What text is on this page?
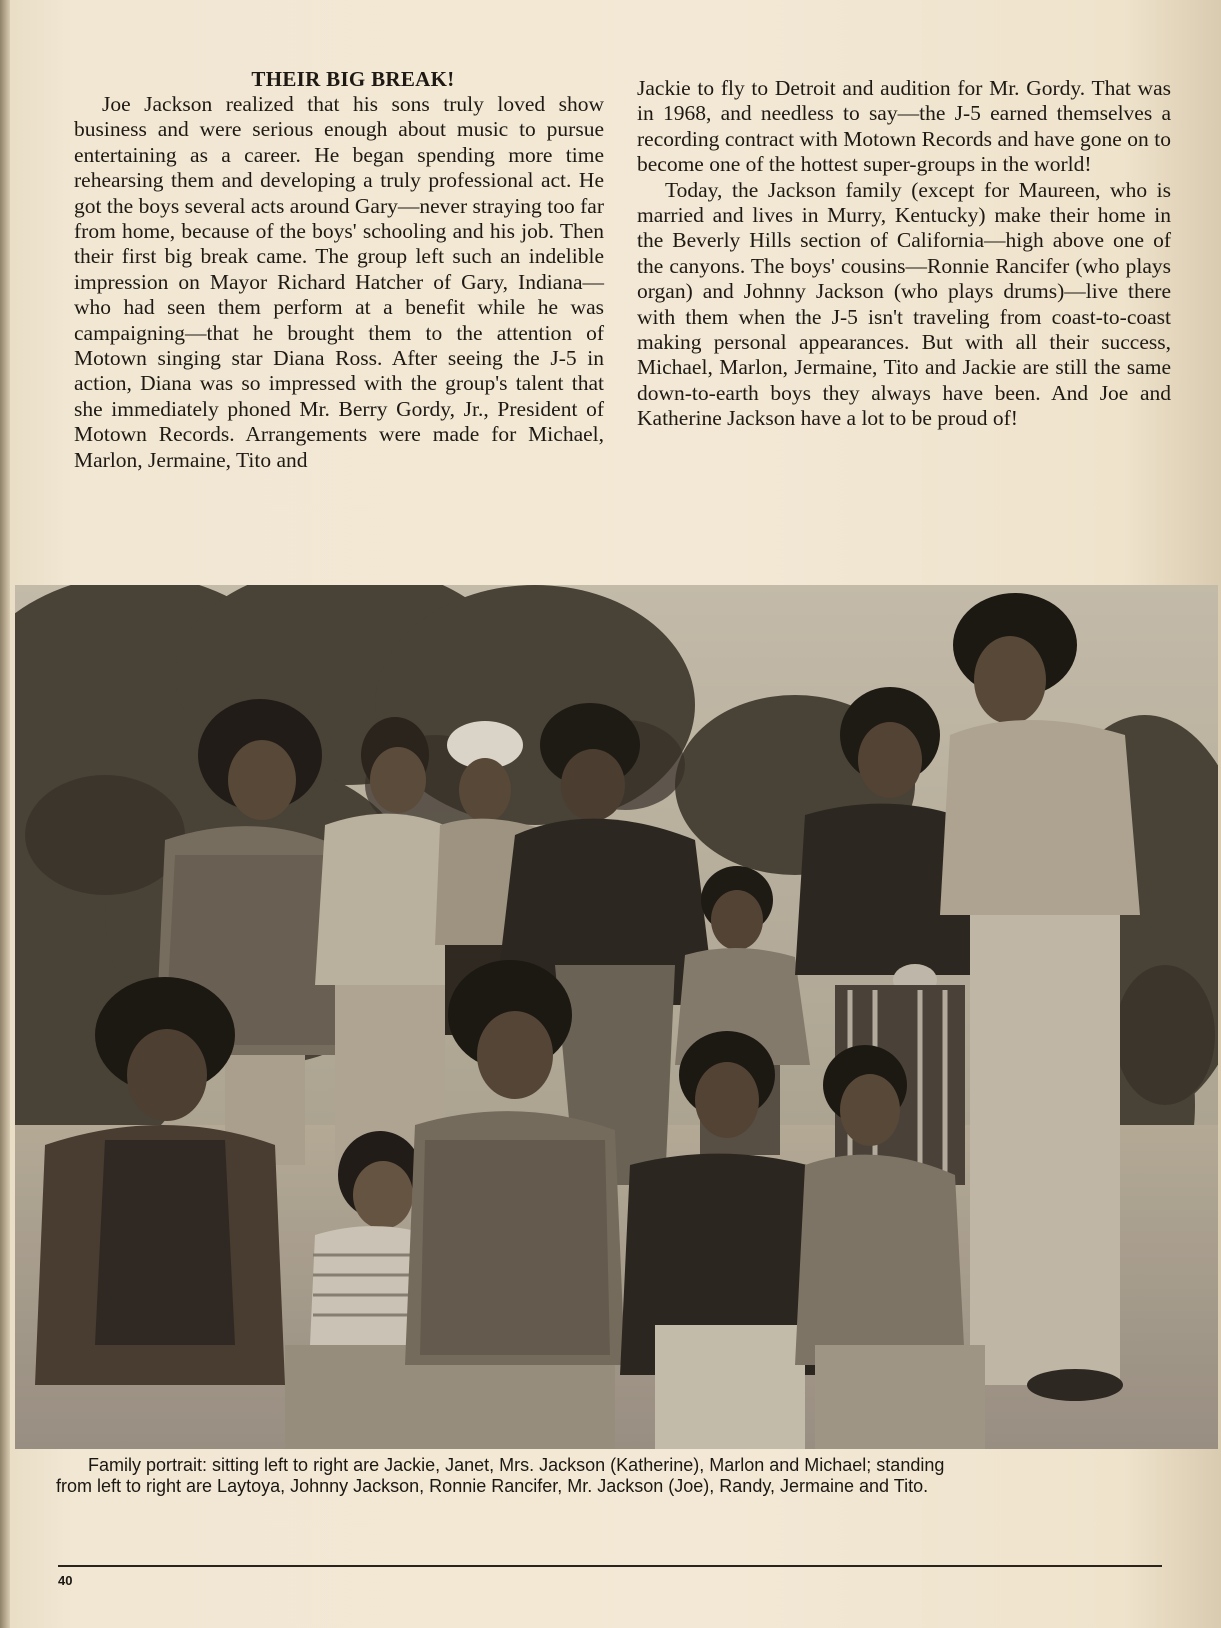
THEIR BIG BREAK!

Joe Jackson realized that his sons truly loved show business and were serious enough about music to pursue entertaining as a career. He began spending more time rehearsing them and developing a truly professional act. He got the boys several acts around Gary—never straying too far from home, because of the boys' schooling and his job. Then their first big break came. The group left such an indelible impression on Mayor Richard Hatcher of Gary, Indiana—who had seen them perform at a benefit while he was campaigning—that he brought them to the attention of Motown singing star Diana Ross. After seeing the J-5 in action, Diana was so impressed with the group's talent that she immediately phoned Mr. Berry Gordy, Jr., President of Motown Records. Arrangements were made for Michael, Marlon, Jermaine, Tito and

Jackie to fly to Detroit and audition for Mr. Gordy. That was in 1968, and needless to say—the J-5 earned themselves a recording contract with Motown Records and have gone on to become one of the hottest super-groups in the world!

Today, the Jackson family (except for Maureen, who is married and lives in Murry, Kentucky) make their home in the Beverly Hills section of California—high above one of the canyons. The boys' cousins—Ronnie Rancifer (who plays organ) and Johnny Jackson (who plays drums)—live there with them when the J-5 isn't traveling from coast-to-coast making personal appearances. But with all their success, Michael, Marlon, Jermaine, Tito and Jackie are still the same down-to-earth boys they always have been. And Joe and Katherine Jackson have a lot to be proud of!

Family portrait: sitting left to right are Jackie, Janet, Mrs. Jackson (Katherine), Marlon and Michael; standing
from left to right are Laytoya, Johnny Jackson, Ronnie Rancifer, Mr. Jackson (Joe), Randy, Jermaine and Tito.
40
